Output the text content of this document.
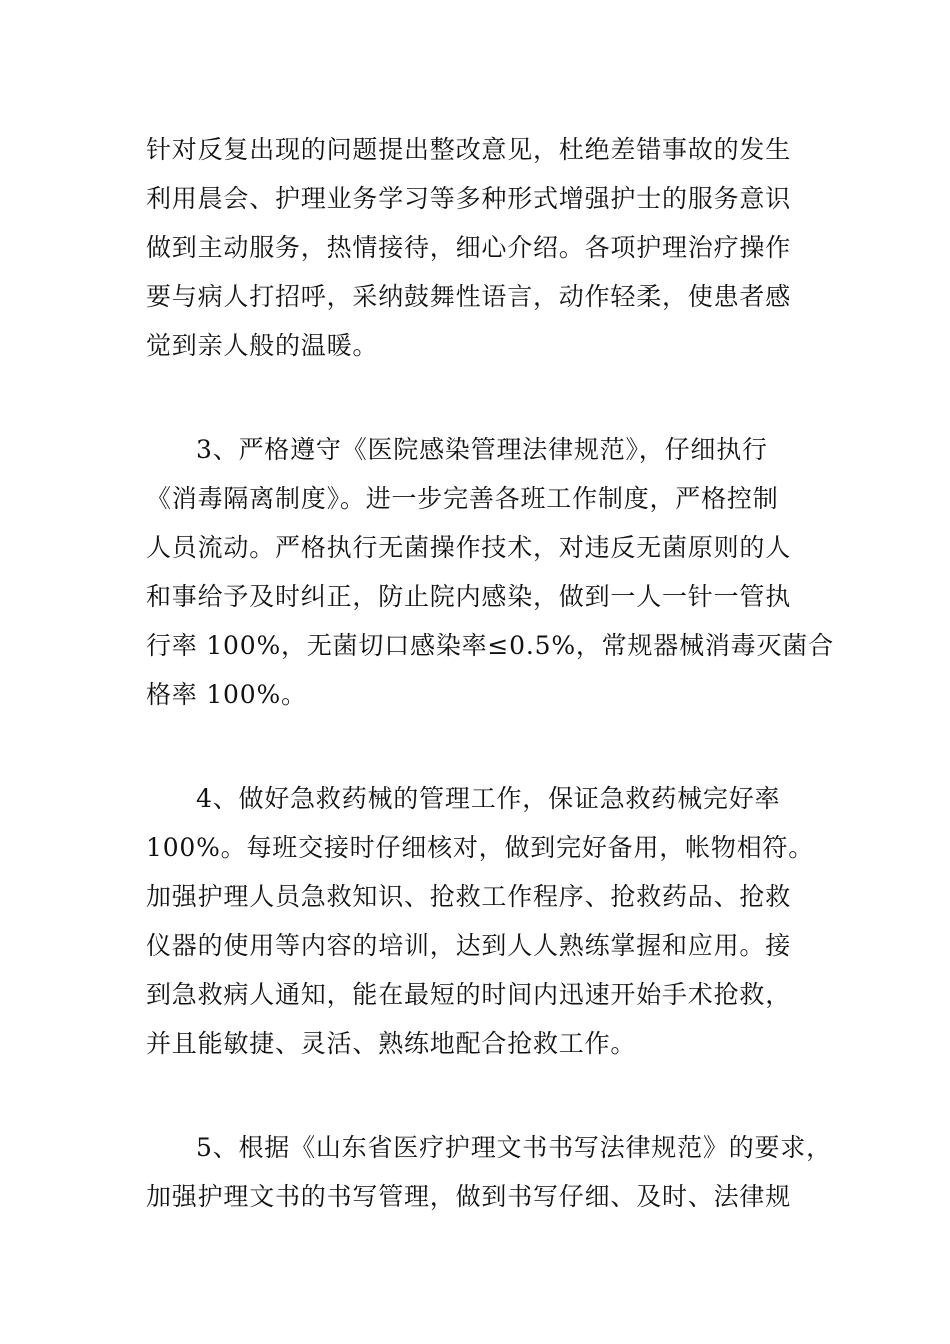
针对反复出现的问题提出整改意见，杜绝差错事故的发生
利用晨会、护理业务学习等多种形式增强护士的服务意识
做到主动服务，热情接待，细心介绍。各项护理治疗操作
要与病人打招呼，采纳鼓舞性语言，动作轻柔，使患者感
觉到亲人般的温暖。
3、严格遵守《医院感染管理法律规范》，仔细执行
《消毒隔离制度》。进一步完善各班工作制度，严格控制
人员流动。严格执行无菌操作技术，对违反无菌原则的人
和事给予及时纠正，防止院内感染，做到一人一针一管执
行率 100%，无菌切口感染率≤0.5%，常规器械消毒灭菌合
格率 100%。
4、做好急救药械的管理工作，保证急救药械完好率
100%。每班交接时仔细核对，做到完好备用，帐物相符。
加强护理人员急救知识、抢救工作程序、抢救药品、抢救
仪器的使用等内容的培训，达到人人熟练掌握和应用。接
到急救病人通知，能在最短的时间内迅速开始手术抢救，
并且能敏捷、灵活、熟练地配合抢救工作。
5、根据《山东省医疗护理文书书写法律规范》的要求，
加强护理文书的书写管理，做到书写仔细、及时、法律规
